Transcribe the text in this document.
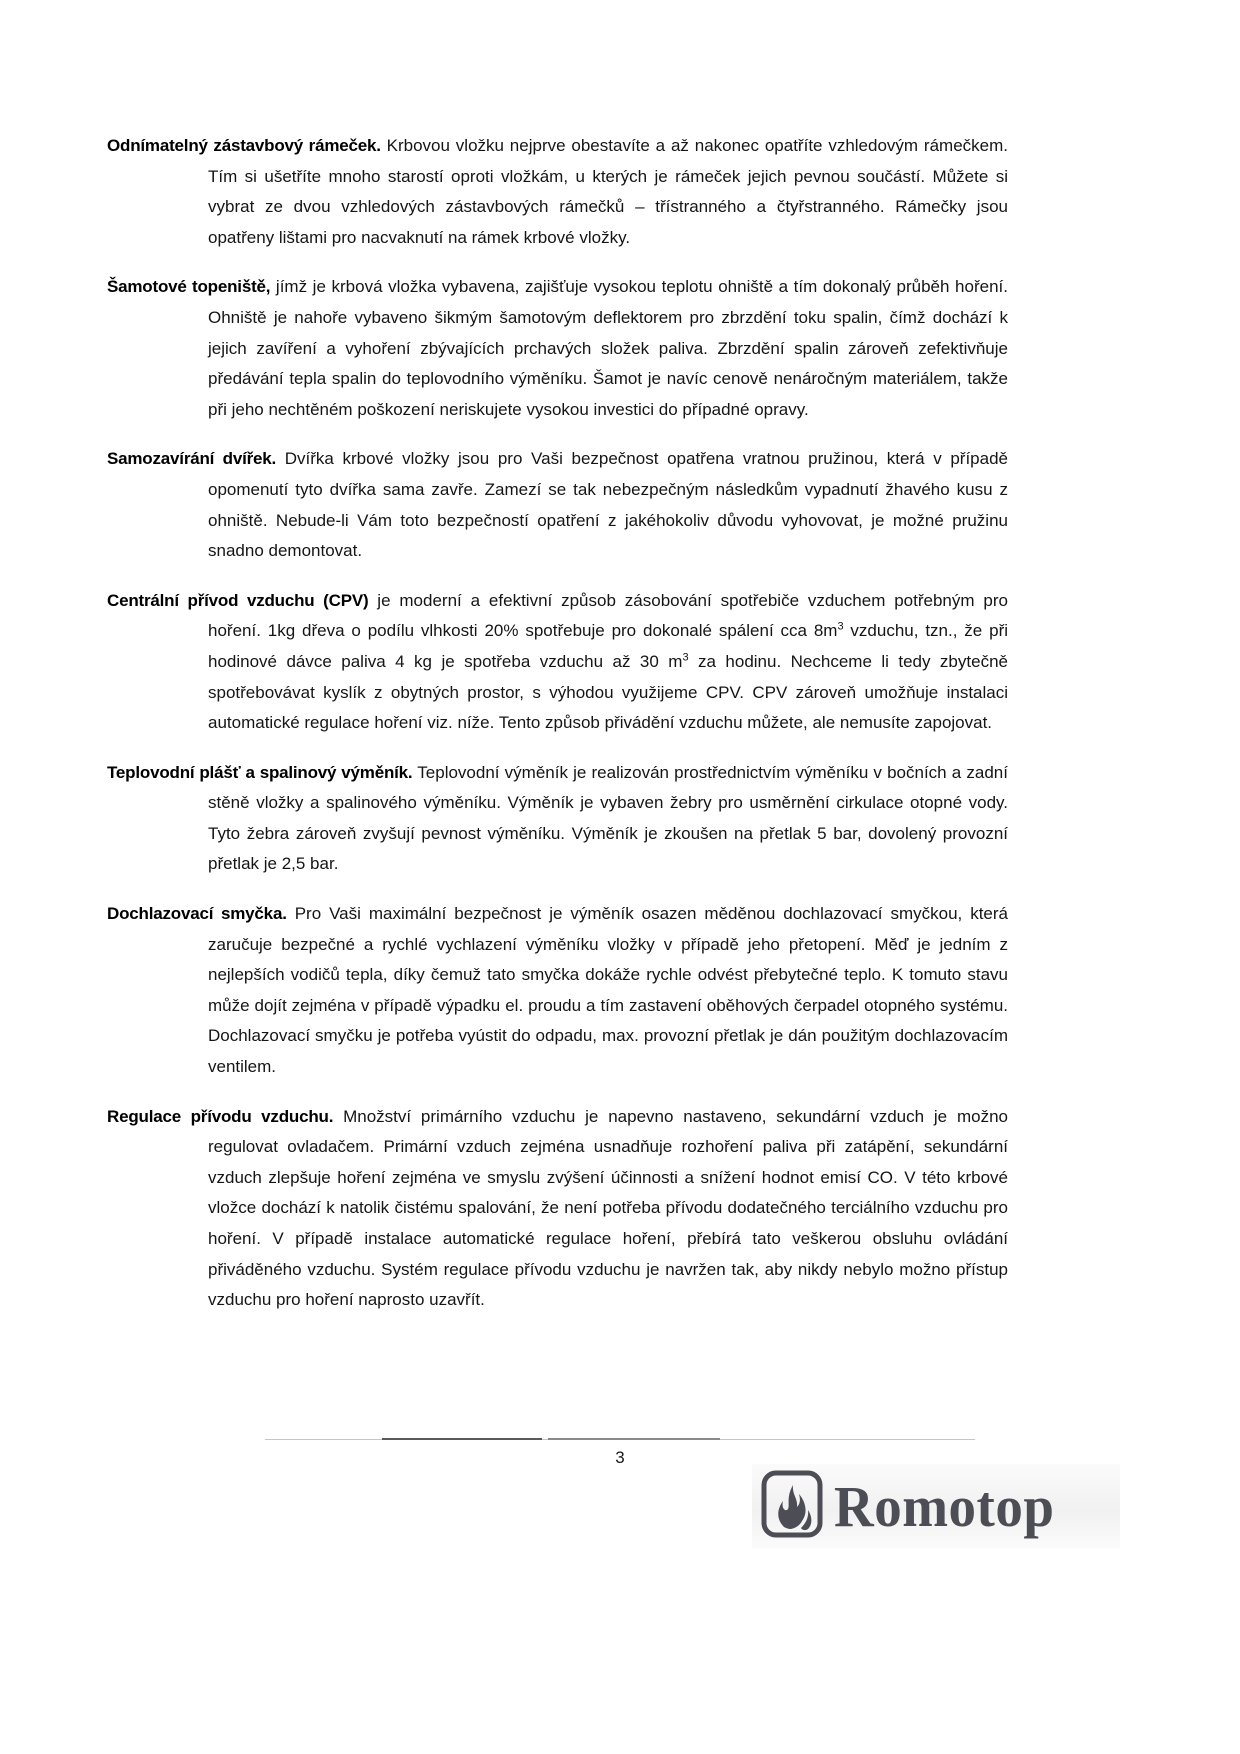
Odnímatelný zástavbový rámeček. Krbovou vložku nejprve obestavíte a až nakonec opatříte vzhledovým rámečkem. Tím si ušetříte mnoho starostí oproti vložkám, u kterých je rámeček jejich pevnou součástí. Můžete si vybrat ze dvou vzhledových zástavbových rámečků – třístranného a čtyřstranného. Rámečky jsou opatřeny lištami pro nacvaknutí na rámek krbové vložky.

Šamotové topeniště, jímž je krbová vložka vybavena, zajišťuje vysokou teplotu ohniště a tím dokonalý průběh hoření. Ohniště je nahoře vybaveno šikmým šamotovým deflektorem pro zbrzdění toku spalin, čímž dochází k jejich zavíření a vyhoření zbývajících prchavých složek paliva. Zbrzdění spalin zároveň zefektivňuje předávání tepla spalin do teplovodního výměníku. Šamot je navíc cenově nenáročným materiálem, takže při jeho nechtěném poškození neriskujete vysokou investici do případné opravy.

Samozavírání dvířek. Dvířka krbové vložky jsou pro Vaši bezpečnost opatřena vratnou pružinou, která v případě opomenutí tyto dvířka sama zavře. Zamezí se tak nebezpečným následkům vypadnutí žhavého kusu z ohniště. Nebude-li Vám toto bezpečností opatření z jakéhokoliv důvodu vyhovovat, je možné pružinu snadno demontovat.

Centrální přívod vzduchu (CPV) je moderní a efektivní způsob zásobování spotřebiče vzduchem potřebným pro hoření. 1kg dřeva o podílu vlhkosti 20% spotřebuje pro dokonalé spálení cca $8m^3$ vzduchu, tzn., že při hodinové dávce paliva 4 kg je spotřeba vzduchu až 30 $m^3$ za hodinu. Nechceme li tedy zbytečně spotřebovávat kyslík z obytných prostor, s výhodou využijeme CPV. CPV zároveň umožňuje instalaci automatické regulace hoření viz. níže. Tento způsob přivádění vzduchu můžete, ale nemusíte zapojovat.

Teplovodní plášť a spalinový výměník. Teplovodní výměník je realizován prostřednictvím výměníku v bočních a zadní stěně vložky a spalinového výměníku. Výměník je vybaven žebry pro usměrnění cirkulace otopné vody. Tyto žebra zároveň zvyšují pevnost výměníku. Výměník je zkoušen na přetlak 5 bar, dovolený provozní přetlak je 2,5 bar.

Dochlazovací smyčka. Pro Vaši maximální bezpečnost je výměník osazen měděnou dochlazovací smyčkou, která zaručuje bezpečné a rychlé vychlazení výměníku vložky v případě jeho přetopení. Měď je jedním z nejlepších vodičů tepla, díky čemuž tato smyčka dokáže rychle odvést přebytečné teplo. K tomuto stavu může dojít zejména v případě výpadku el. proudu a tím zastavení oběhových čerpadel otopného systému. Dochlazovací smyčku je potřeba vyústit do odpadu, max. provozní přetlak je dán použitým dochlazovacím ventilem.

Regulace přívodu vzduchu. Množství primárního vzduchu je napevno nastaveno, sekundární vzduch je možno regulovat ovladačem. Primární vzduch zejména usnadňuje rozhoření paliva při zatápění, sekundární vzduch zlepšuje hoření zejména ve smyslu zvýšení účinnosti a snížení hodnot emisí CO. V této krbové vložce dochází k natolik čistému spalování, že není potřeba přívodu dodatečného terciálního vzduchu pro hoření. V případě instalace automatické regulace hoření, přebírá tato veškerou obsluhu ovládání přiváděného vzduchu. Systém regulace přívodu vzduchu je navržen tak, aby nikdy nebylo možno přístup vzduchu pro hoření naprosto uzavřít.

3
Romotop
